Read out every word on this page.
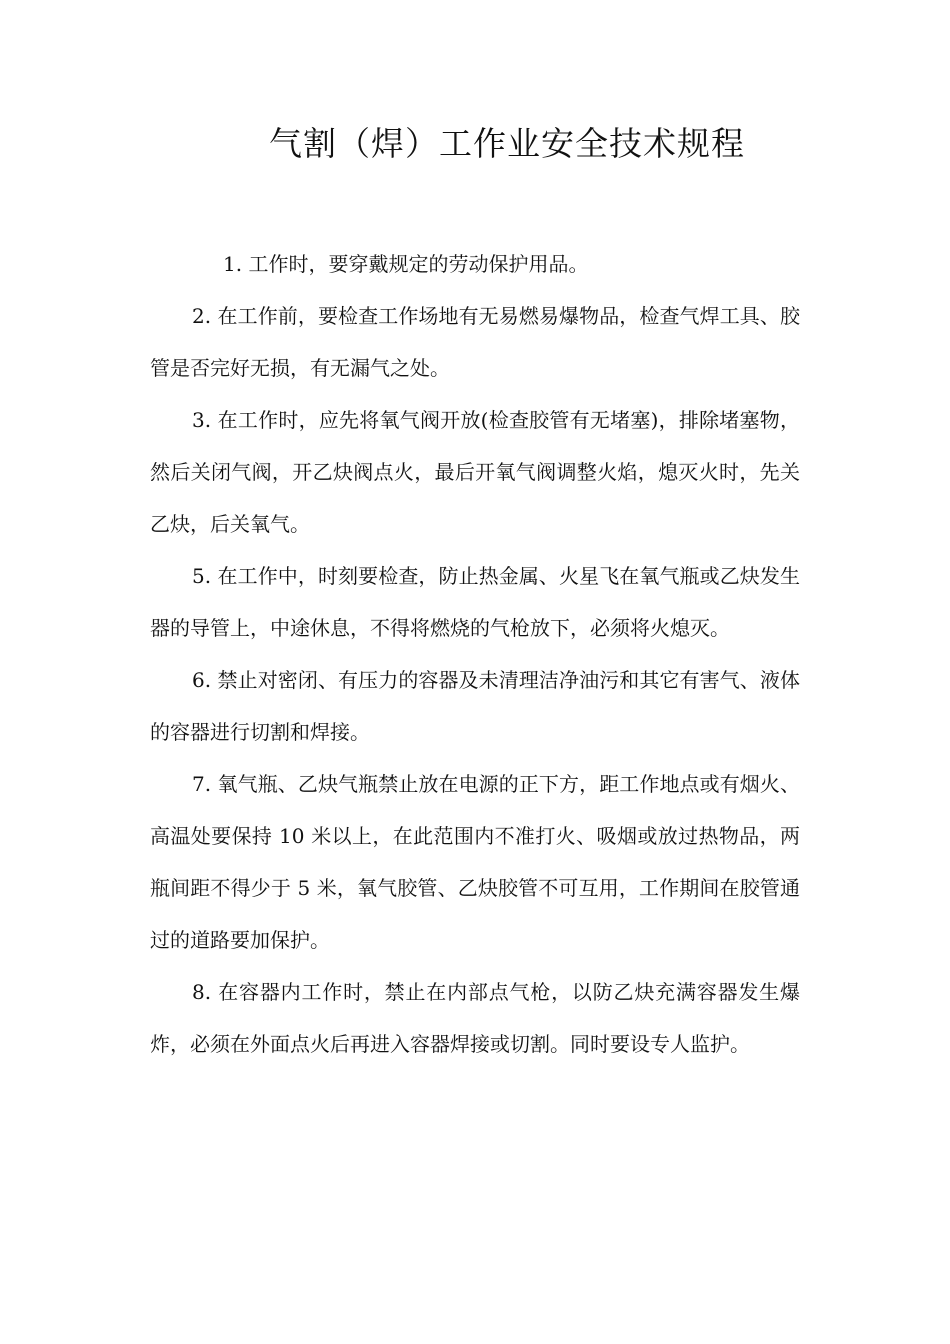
气割（焊）工作业安全技术规程

1. 工作时，要穿戴规定的劳动保护用品。

2. 在工作前，要检查工作场地有无易燃易爆物品，检查气焊工具、胶管是否完好无损，有无漏气之处。

3. 在工作时，应先将氧气阀开放(检查胶管有无堵塞)，排除堵塞物，然后关闭气阀，开乙炔阀点火，最后开氧气阀调整火焰，熄灭火时，先关乙炔，后关氧气。

5. 在工作中，时刻要检查，防止热金属、火星飞在氧气瓶或乙炔发生器的导管上，中途休息，不得将燃烧的气枪放下，必须将火熄灭。

6. 禁止对密闭、有压力的容器及未清理洁净油污和其它有害气、液体的容器进行切割和焊接。

7. 氧气瓶、乙炔气瓶禁止放在电源的正下方，距工作地点或有烟火、高温处要保持 10 米以上，在此范围内不准打火、吸烟或放过热物品，两瓶间距不得少于 5 米，氧气胶管、乙炔胶管不可互用，工作期间在胶管通过的道路要加保护。

8. 在容器内工作时，禁止在内部点气枪，以防乙炔充满容器发生爆炸，必须在外面点火后再进入容器焊接或切割。同时要设专人监护。
